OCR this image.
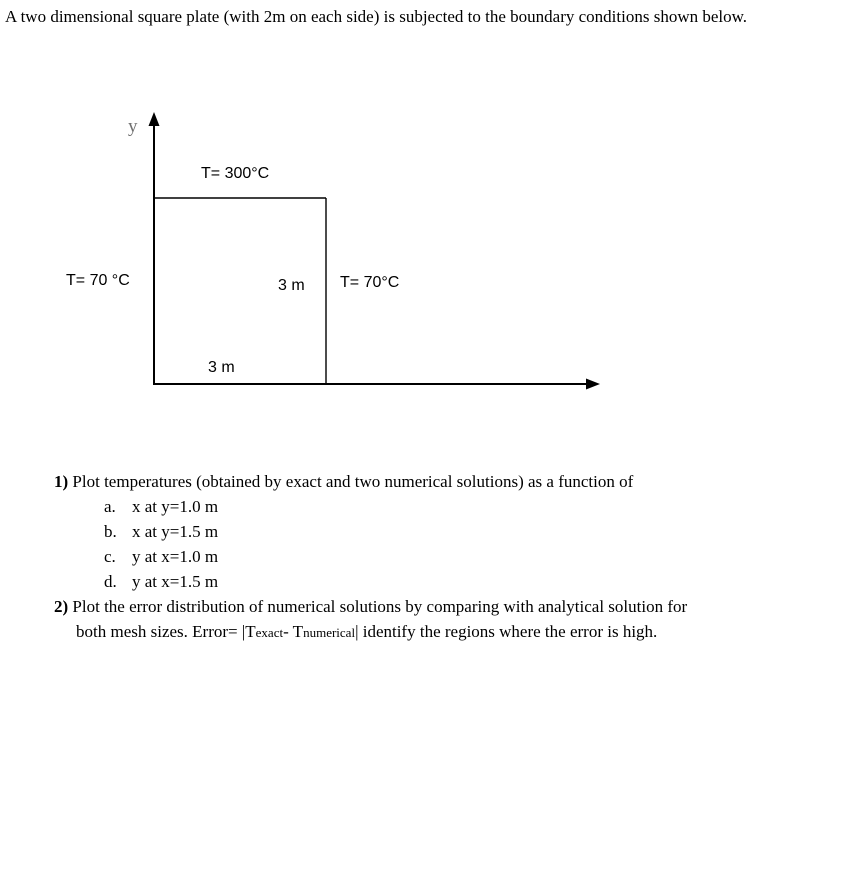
A two dimensional square plate (with 2m on each side) is subjected to the boundary conditions shown below.
y
T= 300°C
T= 70 °C	T= 70°C
3 m
3 m
1) Plot temperatures (obtained by exact and two numerical solutions) as a function of
a. x at y=1.0 m
b. x at y=1.5 m
c. y at x=1.0 m
d. y at x=1.5 m
2) Plot the error distribution of numerical solutions by comparing with analytical solution for
both mesh sizes. Error= |Texact- Tnumerical| identify the regions where the error is high.
